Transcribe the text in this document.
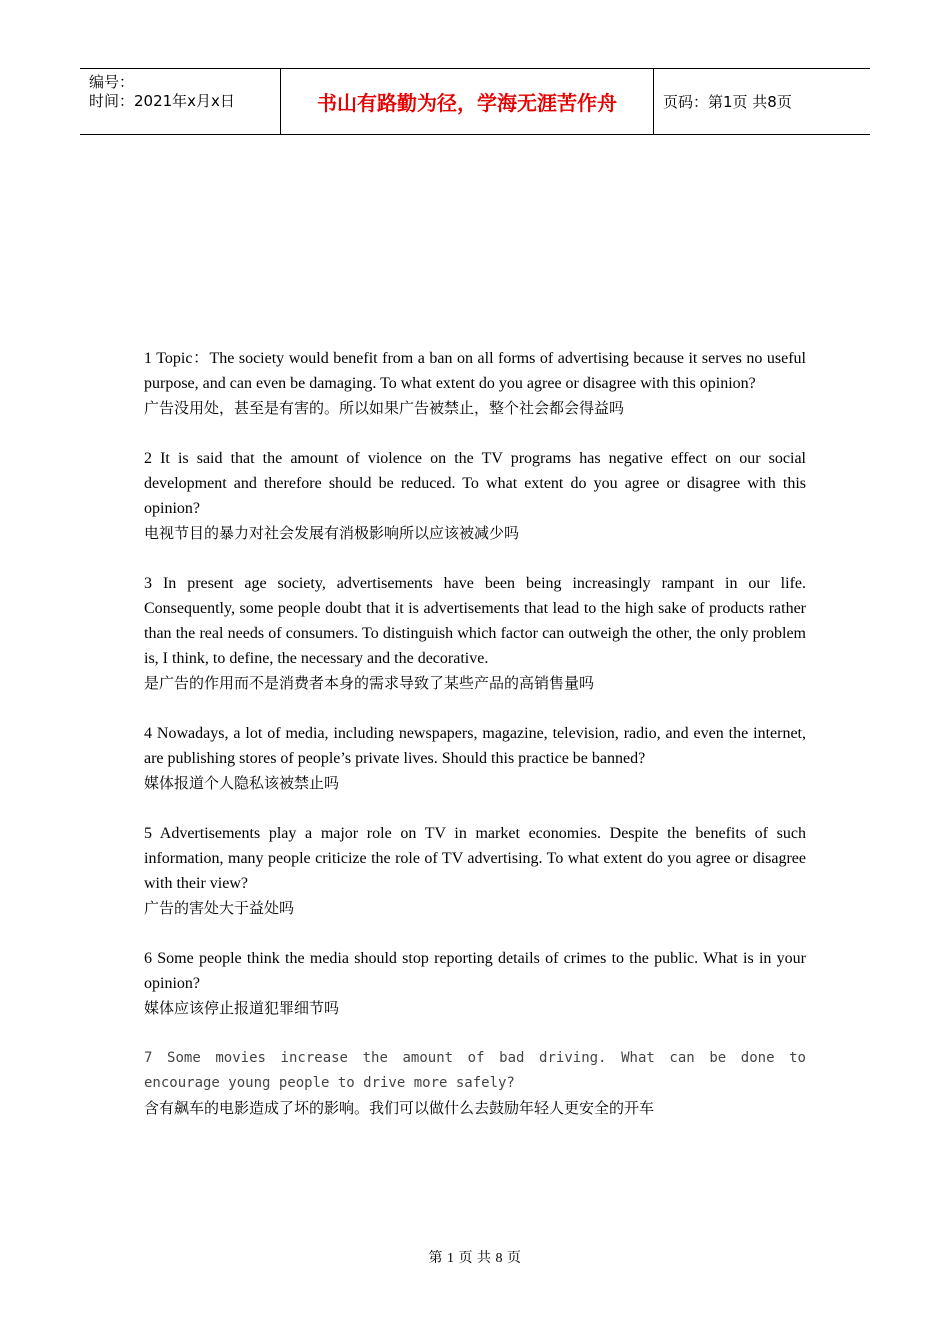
编号：
时间：2021年x月x日	书山有路勤为径，学海无涯苦作舟	页码：第1页 共8页
1 Topic：The society would benefit from a ban on all forms of advertising because it serves no useful purpose, and can even be damaging. To what extent do you agree or disagree with this opinion?
广告没用处，甚至是有害的。所以如果广告被禁止，整个社会都会得益吗
2 It is said that the amount of violence on the TV programs has negative effect on our social development and therefore should be reduced. To what extent do you agree or disagree with this opinion?
电视节目的暴力对社会发展有消极影响所以应该被减少吗
3 In present age society, advertisements have been being increasingly rampant in our life. Consequently, some people doubt that it is advertisements that lead to the high sake of products rather than the real needs of consumers. To distinguish which factor can outweigh the other, the only problem is, I think, to define, the necessary and the decorative.
是广告的作用而不是消费者本身的需求导致了某些产品的高销售量吗
4 Nowadays, a lot of media, including newspapers, magazine, television, radio, and even the internet, are publishing stores of people’s private lives. Should this practice be banned?
媒体报道个人隐私该被禁止吗
5 Advertisements play a major role on TV in market economies. Despite the benefits of such information, many people criticize the role of TV advertising. To what extent do you agree or disagree with their view?
广告的害处大于益处吗
6 Some people think the media should stop reporting details of crimes to the public. What is in your opinion?
媒体应该停止报道犯罪细节吗
7 Some movies increase the amount of bad driving. What can be done to encourage young people to drive more safely?
含有飙车的电影造成了坏的影响。我们可以做什么去鼓励年轻人更安全的开车
第 1 页 共 8 页
